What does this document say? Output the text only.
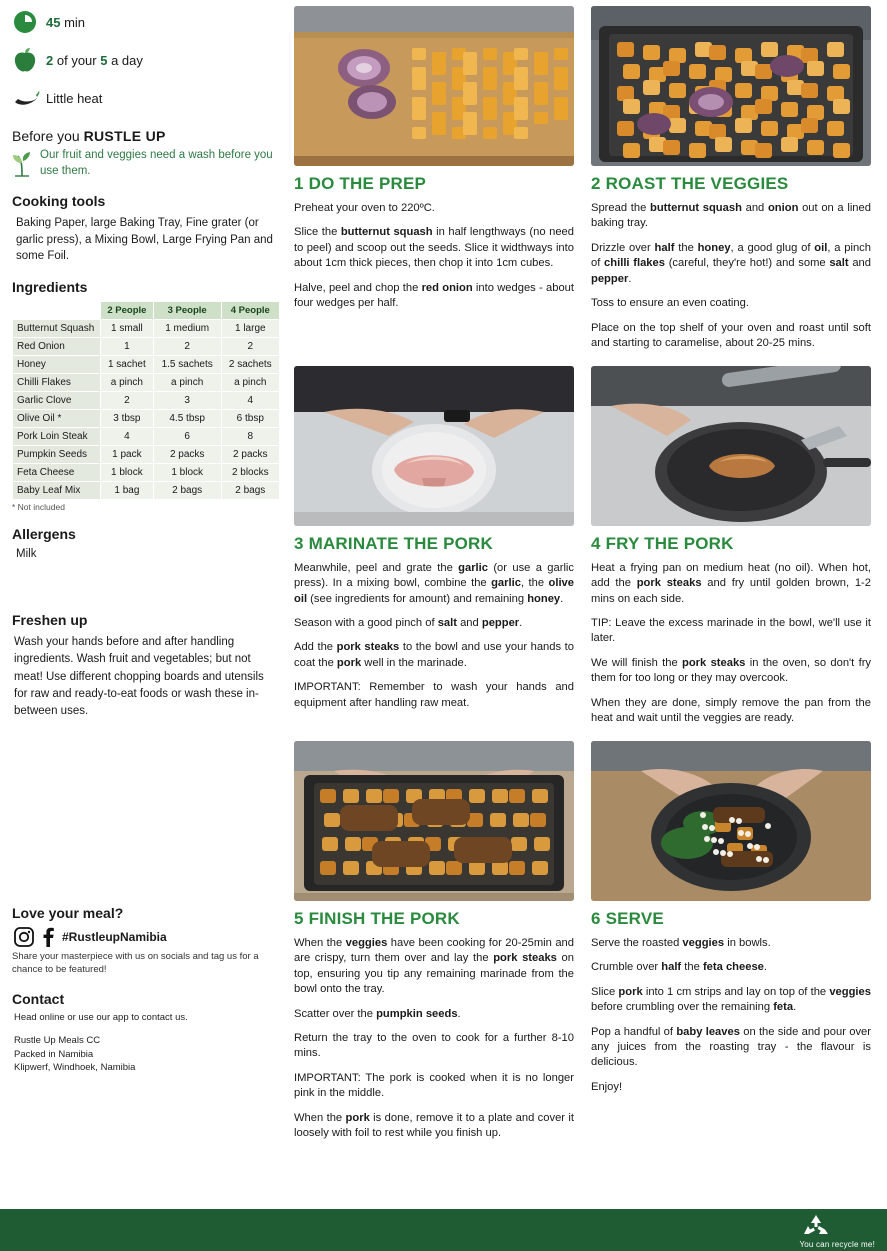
45 min
2 of your 5 a day
Little heat
Before you RUSTLE UP
Our fruit and veggies need a wash before you use them.
Cooking tools
Baking Paper, large Baking Tray, Fine grater (or garlic press), a Mixing Bowl, Large Frying Pan and some Foil.
Ingredients
	2 People	3 People	4 People
Butternut Squash	1 small	1 medium	1 large
Red Onion	1	2	2
Honey	1 sachet	1.5 sachets	2 sachets
Chilli Flakes	a pinch	a pinch	a pinch
Garlic Clove	2	3	4
Olive Oil *	3 tbsp	4.5 tbsp	6 tbsp
Pork Loin Steak	4	6	8
Pumpkin Seeds	1 pack	2 packs	2 packs
Feta Cheese	1 block	1 block	2 blocks
Baby Leaf Mix	1 bag	2 bags	2 bags
* Not included
Allergens
Milk
Freshen up
Wash your hands before and after handling ingredients. Wash fruit and vegetables; but not meat! Use different chopping boards and utensils for raw and ready-to-eat foods or wash these in-between uses.
Love your meal?
#RustleupNamibia
Share your masterpiece with us on socials and tag us for a chance to be featured!
Contact
Head online or use our app to contact us.
Rustle Up Meals CC
Packed in Namibia
Klipwerf, Windhoek, Namibia
1 DO THE PREP

Preheat your oven to 220ºC.

Slice the butternut squash in half lengthways (no need to peel) and scoop out the seeds. Slice it widthways into about 1cm thick pieces, then chop it into 1cm cubes.

Halve, peel and chop the red onion into wedges - about four wedges per half.

2 ROAST THE VEGGIES

Spread the butternut squash and onion out on a lined baking tray.

Drizzle over half the honey, a good glug of oil, a pinch of chilli flakes (careful, they're hot!) and some salt and pepper.

Toss to ensure an even coating.

Place on the top shelf of your oven and roast until soft and starting to caramelise, about 20-25 mins.

3 MARINATE THE PORK

Meanwhile, peel and grate the garlic (or use a garlic press). In a mixing bowl, combine the garlic, the olive oil (see ingredients for amount) and remaining honey.

Season with a good pinch of salt and pepper.

Add the pork steaks to the bowl and use your hands to coat the pork well in the marinade.

IMPORTANT: Remember to wash your hands and equipment after handling raw meat.

4 FRY THE PORK

Heat a frying pan on medium heat (no oil). When hot, add the pork steaks and fry until golden brown, 1-2 mins on each side.

TIP: Leave the excess marinade in the bowl, we'll use it later.

We will finish the pork steaks in the oven, so don't fry them for too long or they may overcook.

When they are done, simply remove the pan from the heat and wait until the veggies are ready.

5 FINISH THE PORK

When the veggies have been cooking for 20-25min and are crispy, turn them over and lay the pork steaks on top, ensuring you tip any remaining marinade from the bowl onto the tray.

Scatter over the pumpkin seeds.

Return the tray to the oven to cook for a further 8-10 mins.

IMPORTANT: The pork is cooked when it is no longer pink in the middle.

When the pork is done, remove it to a plate and cover it loosely with foil to rest while you finish up.

6 SERVE

Serve the roasted veggies in bowls.

Crumble over half the feta cheese.

Slice pork into 1 cm strips and lay on top of the veggies before crumbling over the remaining feta.

Pop a handful of baby leaves on the side and pour over any juices from the roasting tray - the flavour is delicious.

Enjoy!

You can recycle me!
